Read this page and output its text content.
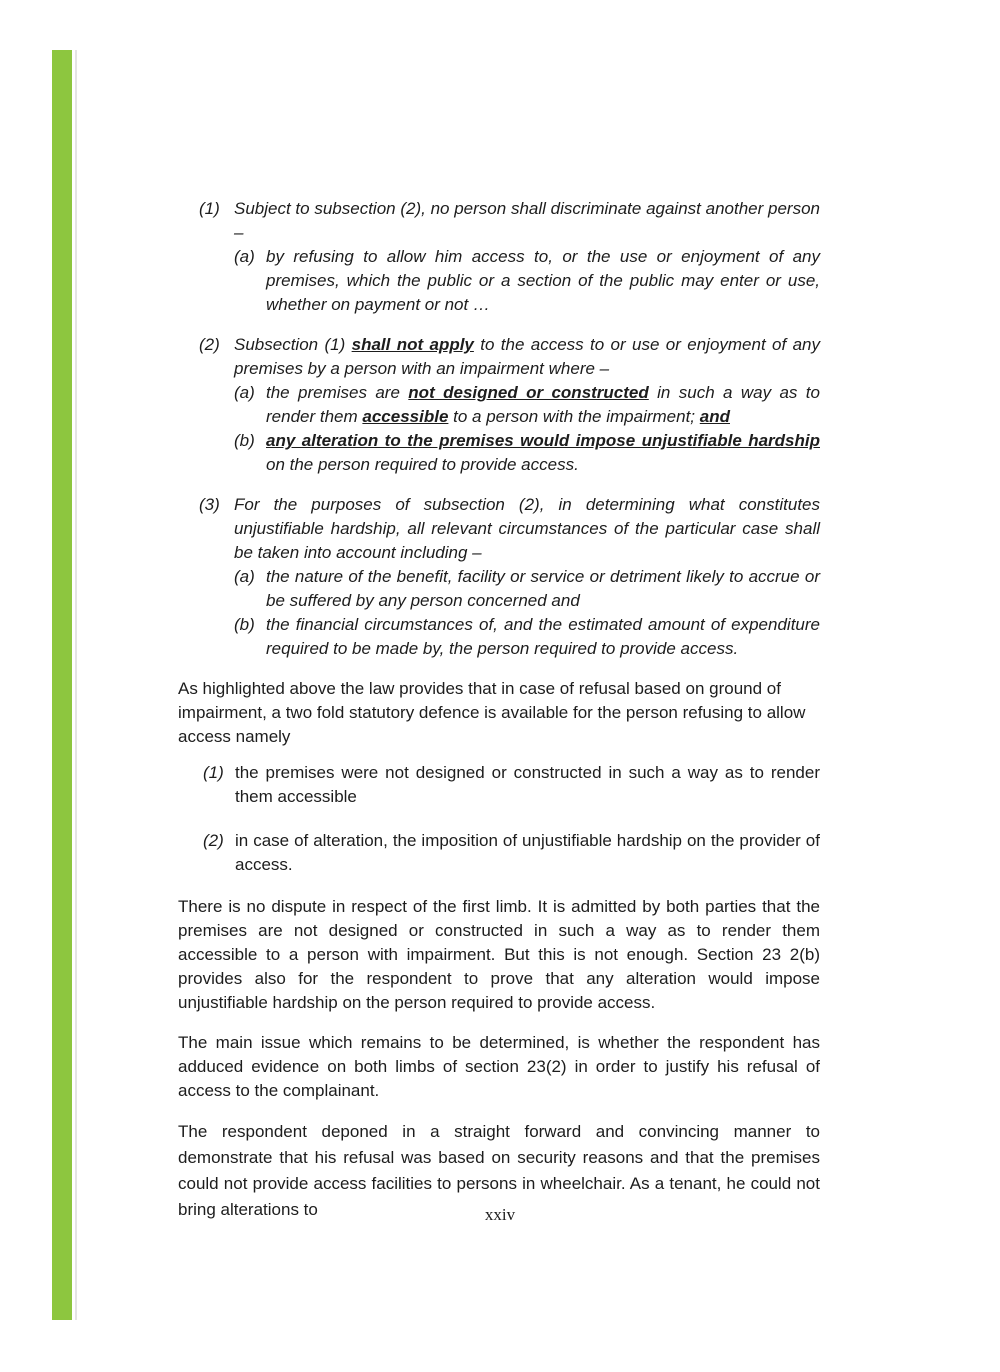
(1) Subject to subsection (2), no person shall discriminate against another person –

(a) by refusing to allow him access to, or the use or enjoyment of any premises, which the public or a section of the public may enter or use, whether on payment or not …

(2) Subsection (1) shall not apply to the access to or use or enjoyment of any premises by a person with an impairment where –

(a) the premises are not designed or constructed in such a way as to render them accessible to a person with the impairment; and

(b) any alteration to the premises would impose unjustifiable hardship on the person required to provide access.

(3) For the purposes of subsection (2), in determining what constitutes unjustifiable hardship, all relevant circumstances of the particular case shall be taken into account including –

(a) the nature of the benefit, facility or service or detriment likely to accrue or be suffered by any person concerned and

(b) the financial circumstances of, and the estimated amount of expenditure required to be made by, the person required to provide access.

As highlighted above the law provides that in case of refusal based on ground of impairment, a two fold statutory defence is available for the person refusing to allow access namely

(1) the premises were not designed or constructed in such a way as to render them accessible

(2) in case of alteration, the imposition of unjustifiable hardship on the provider of access.

There is no dispute in respect of the first limb. It is admitted by both parties that the premises are not designed or constructed in such a way as to render them accessible to a person with impairment. But this is not enough. Section 23 2(b) provides also for the respondent to prove that any alteration would impose unjustifiable hardship on the person required to provide access.

The main issue which remains to be determined, is whether the respondent has adduced evidence on both limbs of section 23(2) in order to justify his refusal of access to the complainant.

The respondent deponed in a straight forward and convincing manner to demonstrate that his refusal was based on security reasons and that the premises could not provide access facilities to persons in wheelchair. As a tenant, he could not bring alterations to	xxiv
